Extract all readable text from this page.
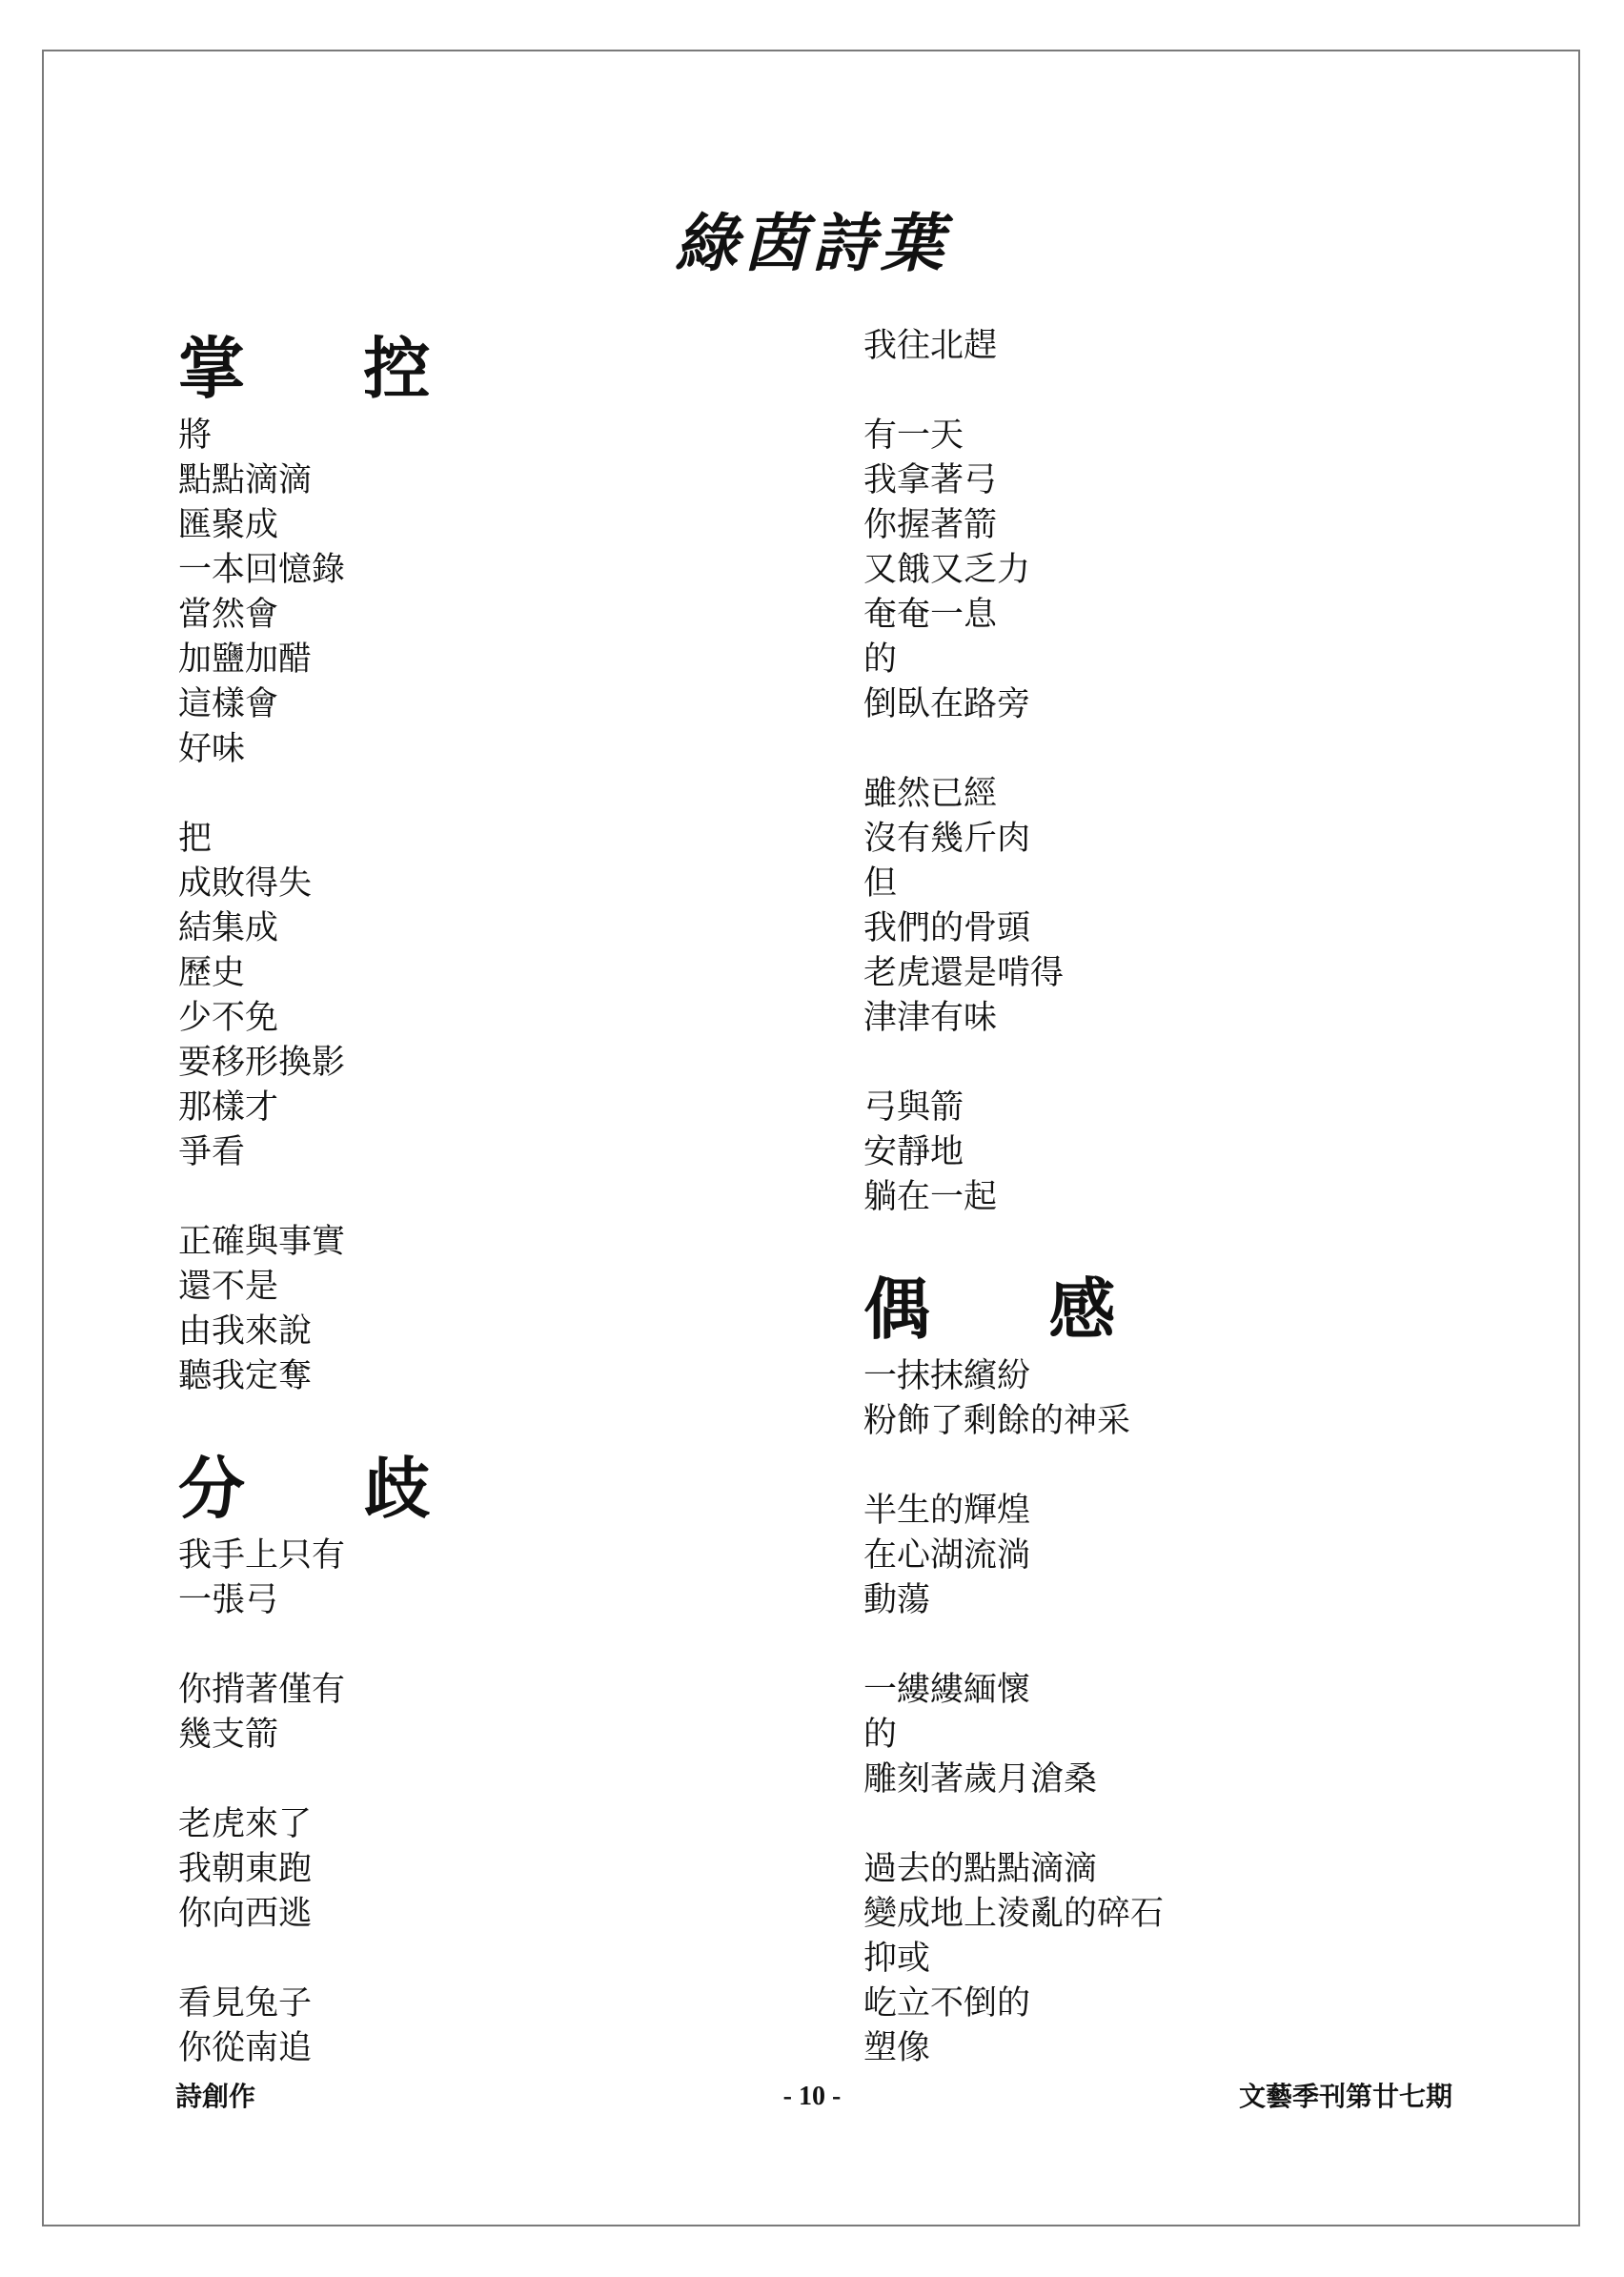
綠茵詩葉
掌 控
將
點點滴滴
匯聚成
一本回憶錄
當然會
加鹽加醋
這樣會
好味
把
成敗得失
結集成
歷史
少不免
要移形換影
那樣才
爭看
正確與事實
還不是
由我來說
聽我定奪
分 歧
我手上只有
一張弓
你揹著僅有
幾支箭
老虎來了
我朝東跑
你向西逃
看見兔子
你從南追
我往北趕
有一天
我拿著弓
你握著箭
又餓又乏力
奄奄一息
的
倒臥在路旁
雖然已經
沒有幾斤肉
但
我們的骨頭
老虎還是啃得
津津有味
弓與箭
安靜地
躺在一起
偶 感
一抹抹繽紛
粉飾了剩餘的神采
半生的輝煌
在心湖流淌
動蕩
一縷縷緬懷
的
雕刻著歲月滄桑
過去的點點滴滴
變成地上淩亂的碎石
抑或
屹立不倒的
塑像
詩創作	- 10 -	文藝季刊第廿七期
